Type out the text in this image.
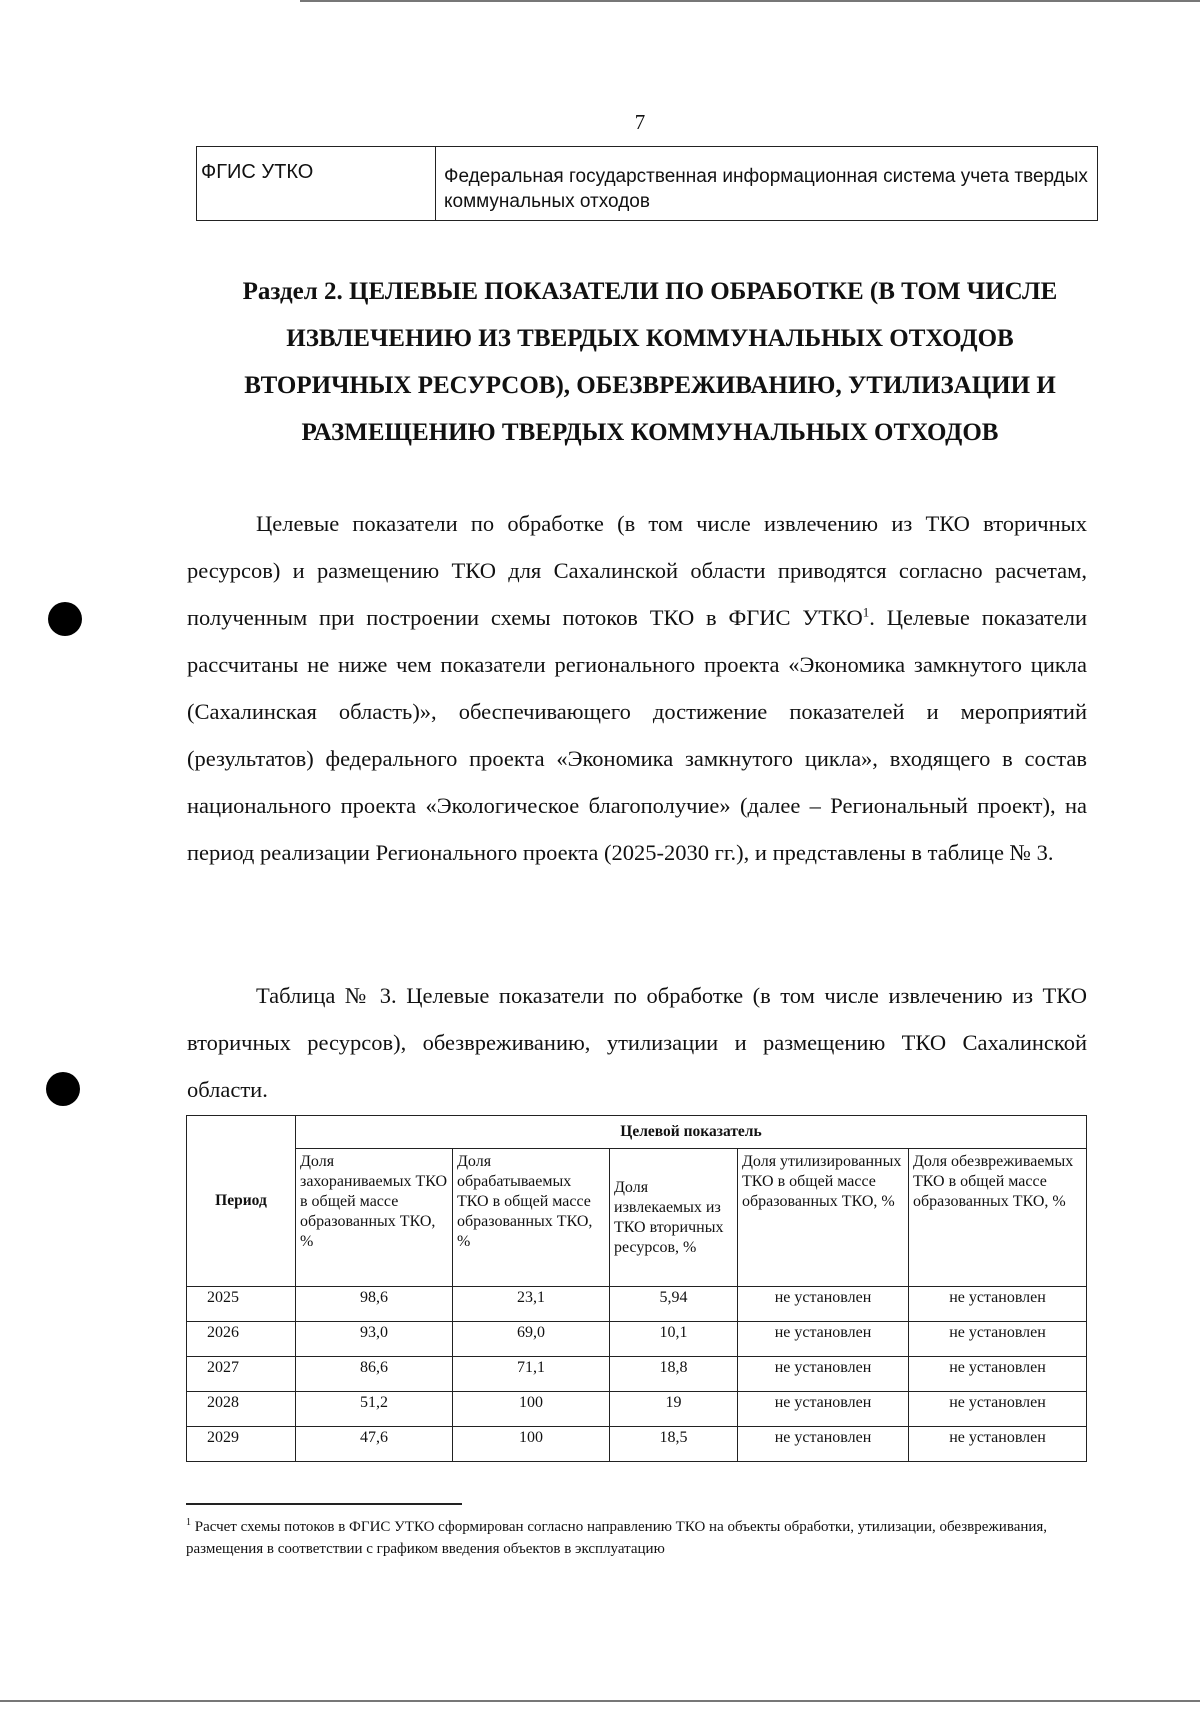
7
ФГИС УТКО	Федеральная государственная информационная система учета твердых коммунальных отходов
Раздел 2. ЦЕЛЕВЫЕ ПОКАЗАТЕЛИ ПО ОБРАБОТКЕ (В ТОМ ЧИСЛЕ
ИЗВЛЕЧЕНИЮ ИЗ ТВЕРДЫХ КОММУНАЛЬНЫХ ОТХОДОВ
ВТОРИЧНЫХ РЕСУРСОВ), ОБЕЗВРЕЖИВАНИЮ, УТИЛИЗАЦИИ И
РАЗМЕЩЕНИЮ ТВЕРДЫХ КОММУНАЛЬНЫХ ОТХОДОВ

Целевые показатели по обработке (в том числе извлечению из ТКО вторичных ресурсов) и размещению ТКО для Сахалинской области приводятся согласно расчетам, полученным при построении схемы потоков ТКО в ФГИС УТКО$^1$. Целевые показатели рассчитаны не ниже чем показатели регионального проекта «Экономика замкнутого цикла (Сахалинская область)», обеспечивающего достижение показателей и мероприятий (результатов) федерального проекта «Экономика замкнутого цикла», входящего в состав национального проекта «Экологическое благополучие» (далее – Региональный проект), на период реализации Регионального проекта (2025-2030 гг.), и представлены в таблице № 3.

Таблица № 3. Целевые показатели по обработке (в том числе извлечению из ТКО вторичных ресурсов), обезвреживанию, утилизации и размещению ТКО Сахалинской области.

Период	Целевой показатель				
	Доля захораниваемых ТКО в общей массе образованных ТКО, %	Доля обрабатываемых ТКО в общей массе образованных ТКО, %	Доля извлекаемых из ТКО вторичных ресурсов, %	Доля утилизированных ТКО в общей массе образованных ТКО, %	Доля обезвреживаемых ТКО в общей массе образованных ТКО, %
2025	98,6	23,1	5,94	не установлен	не установлен
2026	93,0	69,0	10,1	не установлен	не установлен
2027	86,6	71,1	18,8	не установлен	не установлен
2028	51,2	100	19	не установлен	не установлен
2029	47,6	100	18,5	не установлен	не установлен

$^1$ Расчет схемы потоков в ФГИС УТКО сформирован согласно направлению ТКО на объекты обработки, утилизации, обезвреживания, размещения в соответствии с графиком введения объектов в эксплуатацию
